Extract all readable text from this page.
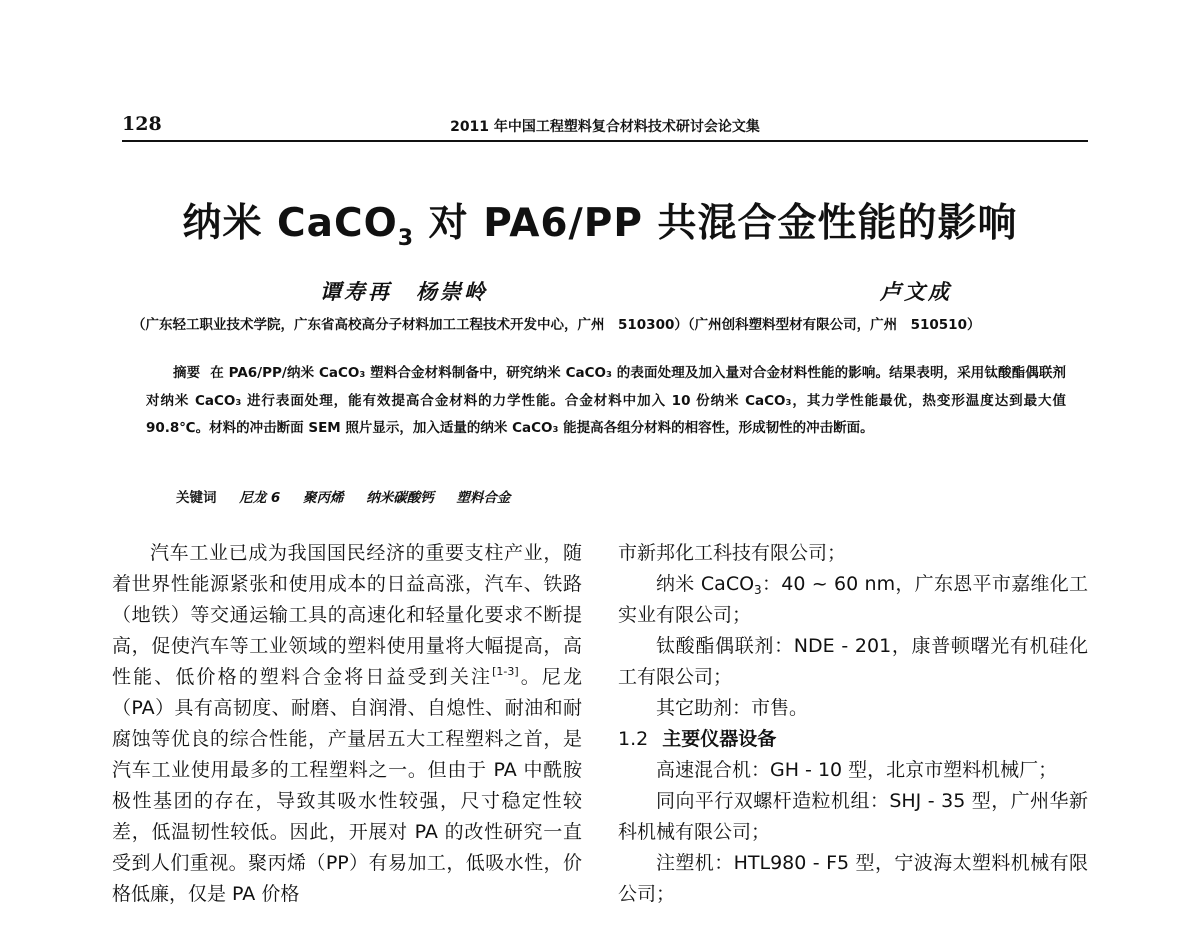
128	2011 年中国工程塑料复合材料技术研讨会论文集
纳米 CaCO$_3$ 对 PA6/PP 共混合金性能的影响
谭寿再　杨崇岭	卢文成
（广东轻工职业技术学院，广东省高校高分子材料加工工程技术开发中心，广州　510300）（广州创科塑料型材有限公司，广州　510510）

摘要 在 PA6/PP/纳米 CaCO₃ 塑料合金材料制备中，研究纳米 CaCO₃ 的表面处理及加入量对合金材料性能的影响。结果表明，采用钛酸酯偶联剂对纳米 CaCO₃ 进行表面处理，能有效提高合金材料的力学性能。合金材料中加入 10 份纳米 CaCO₃，其力学性能最优，热变形温度达到最大值 90.8℃。材料的冲击断面 SEM 照片显示，加入适量的纳米 CaCO₃ 能提高各组分材料的相容性，形成韧性的冲击断面。

关键词 尼龙 6 聚丙烯 纳米碳酸钙 塑料合金

汽车工业已成为我国国民经济的重要支柱产业，随着世界性能源紧张和使用成本的日益高涨，汽车、铁路（地铁）等交通运输工具的高速化和轻量化要求不断提高，促使汽车等工业领域的塑料使用量将大幅提高，高性能、低价格的塑料合金将日益受到关注[1-3]。尼龙（PA）具有高韧度、耐磨、自润滑、自熄性、耐油和耐腐蚀等优良的综合性能，产量居五大工程塑料之首，是汽车工业使用最多的工程塑料之一。但由于 PA 中酰胺极性基团的存在，导致其吸水性较强，尺寸稳定性较差，低温韧性较低。因此，开展对 PA 的改性研究一直受到人们重视。聚丙烯（PP）有易加工，低吸水性，价格低廉，仅是 PA 价格

市新邦化工科技有限公司；

纳米 CaCO$_3$：40 ~ 60 nm，广东恩平市嘉维化工实业有限公司；

钛酸酯偶联剂：NDE - 201，康普顿曙光有机硅化工有限公司；

其它助剂：市售。

1.2 主要仪器设备

高速混合机：GH - 10 型，北京市塑料机械厂；

同向平行双螺杆造粒机组：SHJ - 35 型，广州华新科机械有限公司；

注塑机：HTL980 - F5 型，宁波海太塑料机械有限公司；
